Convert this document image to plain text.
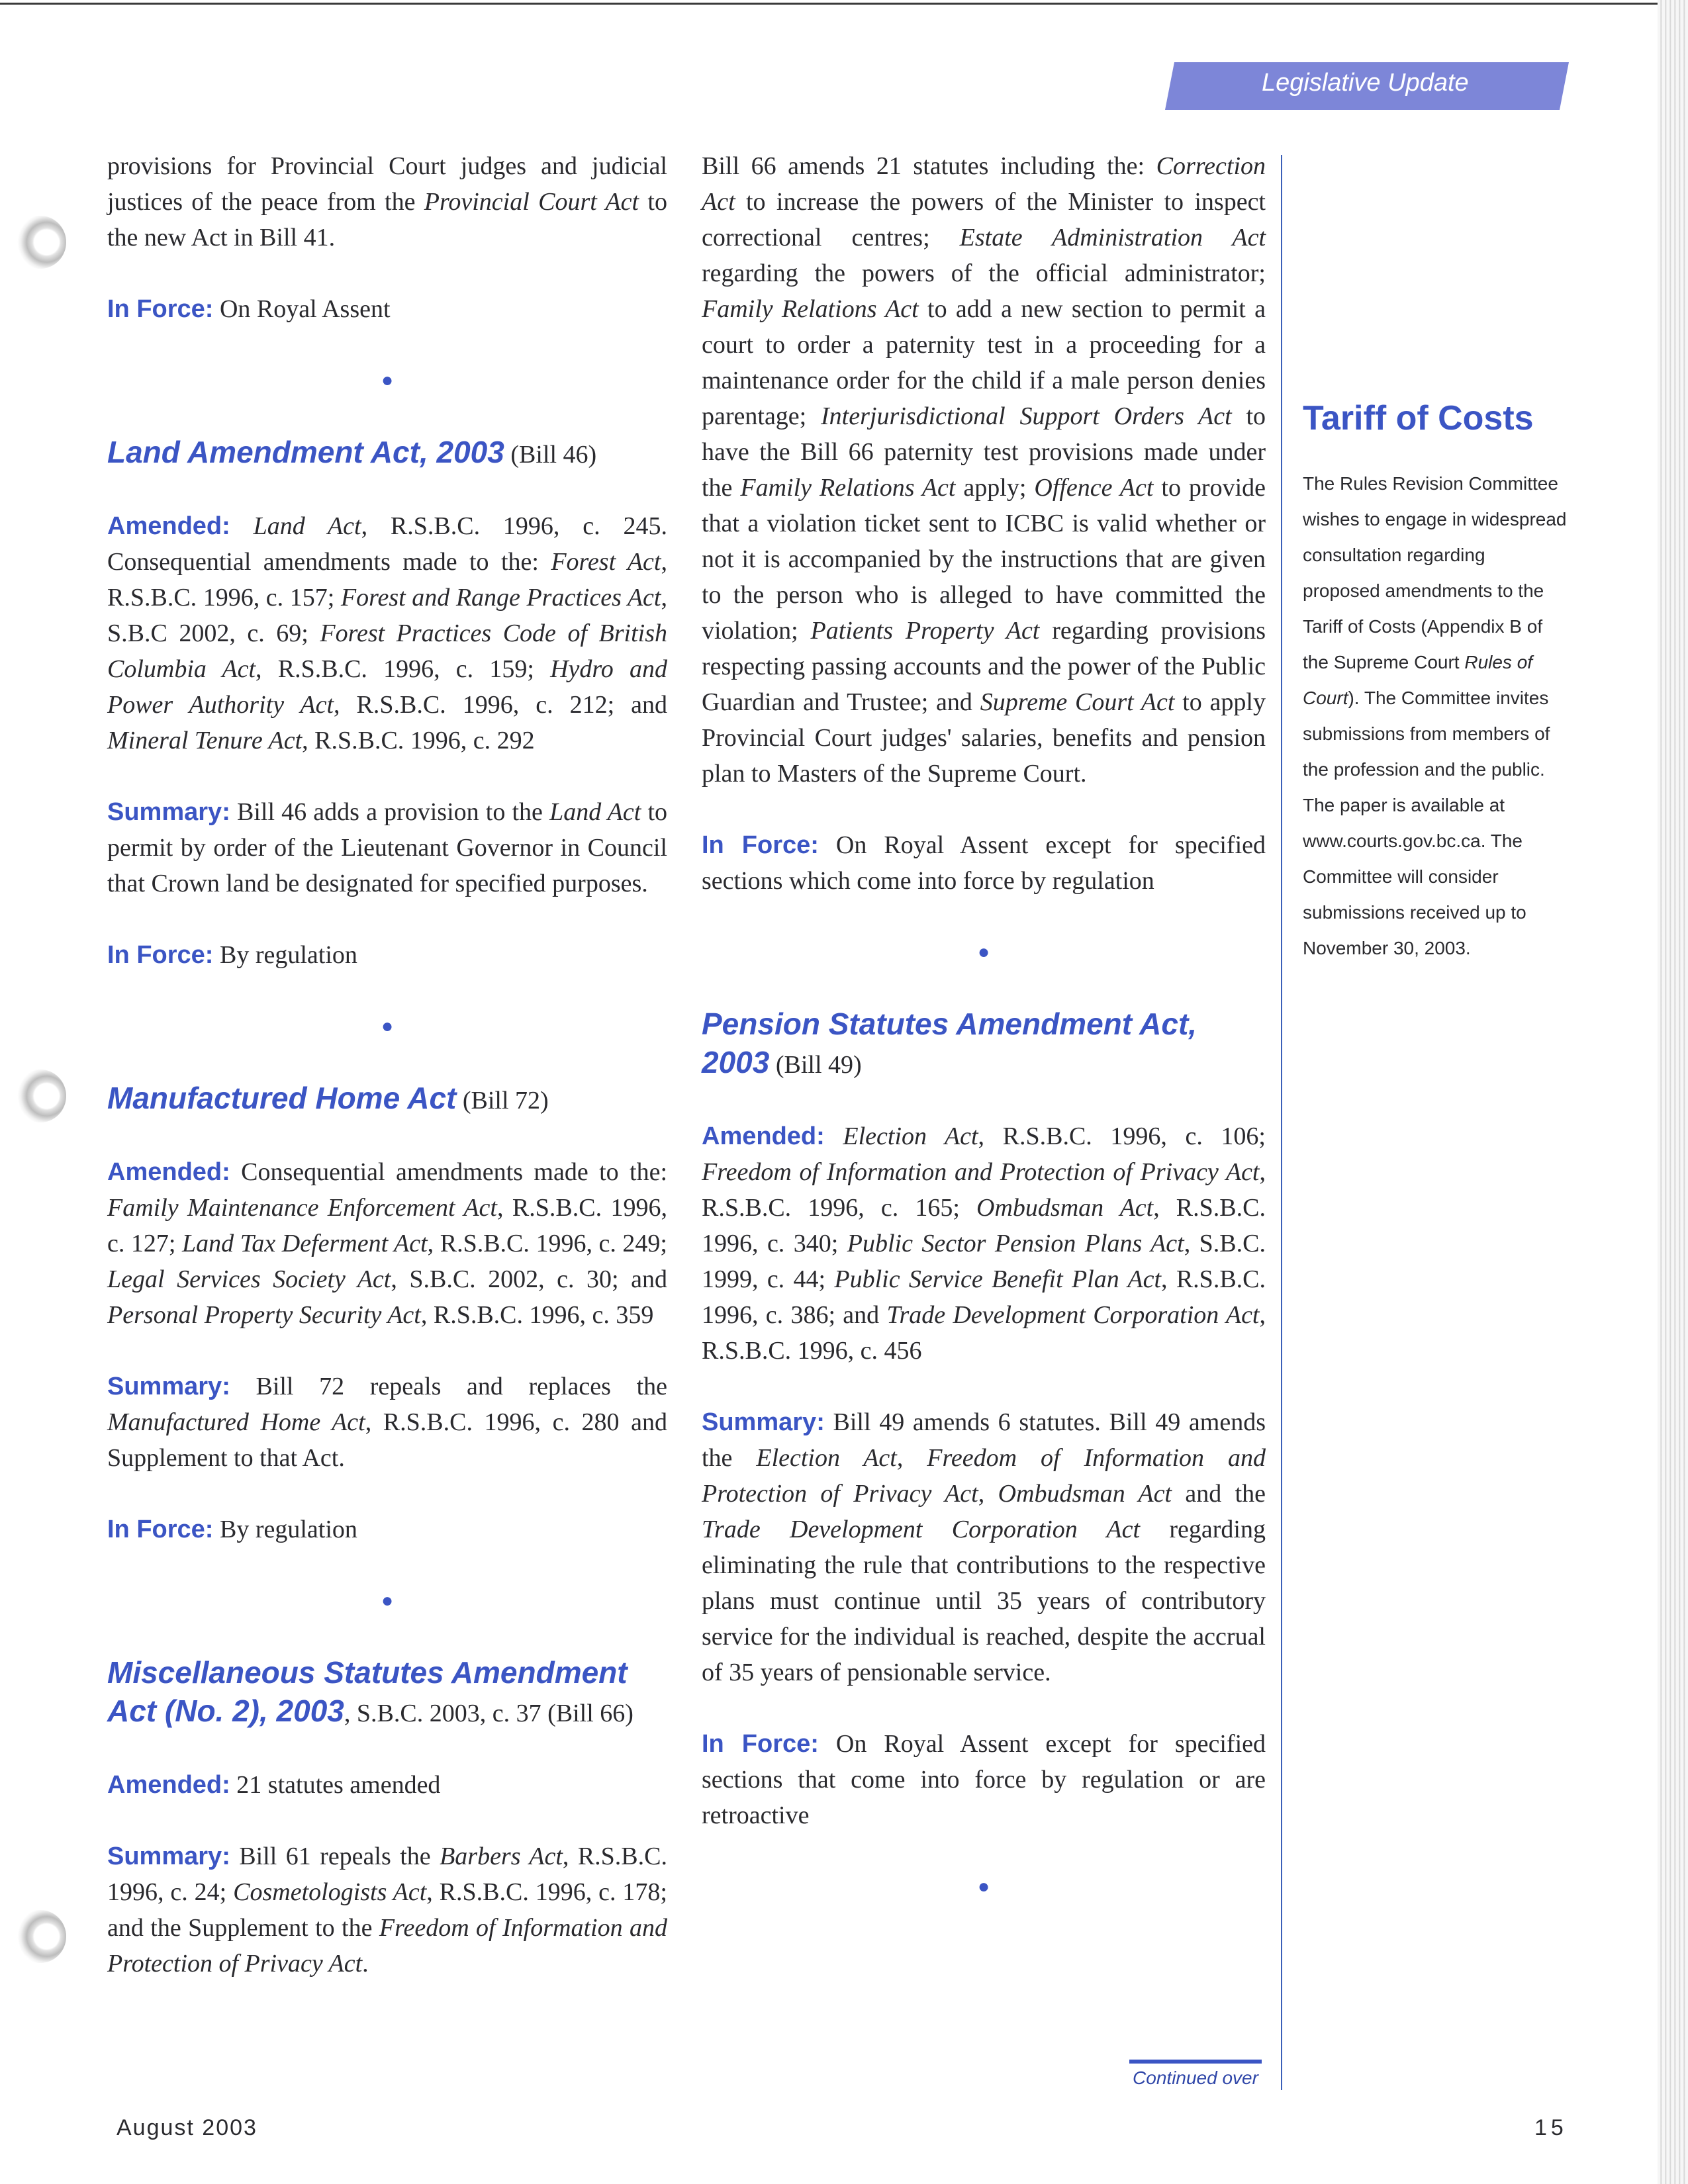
Legislative Update

provisions for Provincial Court judges and judicial justices of the peace from the Provincial Court Act to the new Act in Bill 41.

In Force: On Royal Assent

●

Land Amendment Act, 2003 (Bill 46)

Amended: Land Act, R.S.B.C. 1996, c. 245. Consequential amendments made to the: Forest Act, R.S.B.C. 1996, c. 157; Forest and Range Practices Act, S.B.C 2002, c. 69; Forest Practices Code of British Columbia Act, R.S.B.C. 1996, c. 159; Hydro and Power Authority Act, R.S.B.C. 1996, c. 212; and Mineral Tenure Act, R.S.B.C. 1996, c. 292

Summary: Bill 46 adds a provision to the Land Act to permit by order of the Lieutenant Governor in Council that Crown land be designated for specified purposes.

In Force: By regulation

●

Manufactured Home Act (Bill 72)

Amended: Consequential amendments made to the: Family Maintenance Enforcement Act, R.S.B.C. 1996, c. 127; Land Tax Deferment Act, R.S.B.C. 1996, c. 249; Legal Services Society Act, S.B.C. 2002, c. 30; and Personal Property Security Act, R.S.B.C. 1996, c. 359

Summary: Bill 72 repeals and replaces the Manufactured Home Act, R.S.B.C. 1996, c. 280 and Supplement to that Act.

In Force: By regulation

●

Miscellaneous Statutes Amendment Act (No. 2), 2003, S.B.C. 2003, c. 37 (Bill 66)

Amended: 21 statutes amended

Summary: Bill 61 repeals the Barbers Act, R.S.B.C. 1996, c. 24; Cosmetologists Act, R.S.B.C. 1996, c. 178; and the Supplement to the Freedom of Information and Protection of Privacy Act.

Bill 66 amends 21 statutes including the: Correction Act to increase the powers of the Minister to inspect correctional centres; Estate Administration Act regarding the powers of the official administrator; Family Relations Act to add a new section to permit a court to order a paternity test in a proceeding for a maintenance order for the child if a male person denies parentage; Interjurisdictional Support Orders Act to have the Bill 66 paternity test provisions made under the Family Relations Act apply; Offence Act to provide that a violation ticket sent to ICBC is valid whether or not it is accompanied by the instructions that are given to the person who is alleged to have committed the violation; Patients Property Act regarding provisions respecting passing accounts and the power of the Public Guardian and Trustee; and Supreme Court Act to apply Provincial Court judges' salaries, benefits and pension plan to Masters of the Supreme Court.

In Force: On Royal Assent except for specified sections which come into force by regulation

●

Pension Statutes Amendment Act, 2003 (Bill 49)

Amended: Election Act, R.S.B.C. 1996, c. 106; Freedom of Information and Protection of Privacy Act, R.S.B.C. 1996, c. 165; Ombudsman Act, R.S.B.C. 1996, c. 340; Public Sector Pension Plans Act, S.B.C. 1999, c. 44; Public Service Benefit Plan Act, R.S.B.C. 1996, c. 386; and Trade Development Corporation Act, R.S.B.C. 1996, c. 456

Summary: Bill 49 amends 6 statutes. Bill 49 amends the Election Act, Freedom of Information and Protection of Privacy Act, Ombudsman Act and the Trade Development Corporation Act regarding eliminating the rule that contributions to the respective plans must continue until 35 years of contributory service for the individual is reached, despite the accrual of 35 years of pensionable service.

In Force: On Royal Assent except for specified sections that come into force by regulation or are retroactive

●

Tariff of Costs

The Rules Revision Committee wishes to engage in widespread consultation regarding proposed amendments to the Tariff of Costs (Appendix B of the Supreme Court Rules of Court). The Committee invites submissions from members of the profession and the public. The paper is available at www.courts.gov.bc.ca. The Committee will consider submissions received up to November 30, 2003.

Continued over
August 2003	15
